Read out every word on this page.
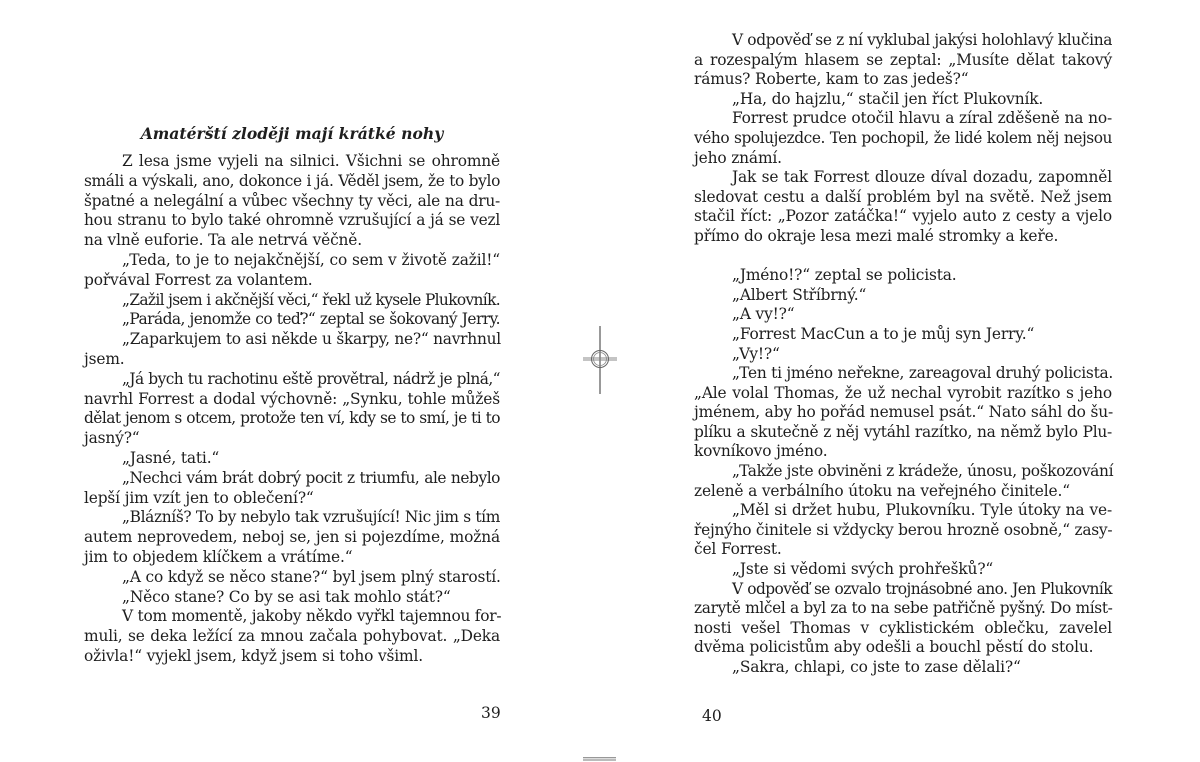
Amatérští zloději mají krátké nohy
Z lesa jsme vyjeli na silnici. Všichni se ohromně
smáli a výskali, ano, dokonce i já. Věděl jsem, že to bylo
špatné a nelegální a vůbec všechny ty věci, ale na dru-
hou stranu to bylo také ohromně vzrušující a já se vezl
na vlně euforie. Ta ale netrvá věčně.
„Teda, to je to nejakčnější, co sem v životě zažil!“
pořvával Forrest za volantem.
„Zažil jsem i akčnější věci,“ řekl už kysele Plukovník.
„Paráda, jenomže co teď?“ zeptal se šokovaný Jerry.
„Zaparkujem to asi někde u škarpy, ne?“ navrhnul
jsem.
„Já bych tu rachotinu eště provětral, nádrž je plná,“
navrhl Forrest a dodal výchovně: „Synku, tohle můžeš
dělat jenom s otcem, protože ten ví, kdy se to smí, je ti to
jasný?“
„Jasné, tati.“
„Nechci vám brát dobrý pocit z triumfu, ale nebylo
lepší jim vzít jen to oblečení?“
„Blázníš? To by nebylo tak vzrušující! Nic jim s tím
autem neprovedem, neboj se, jen si pojezdíme, možná
jim to objedem klíčkem a vrátíme.“
„A co když se něco stane?“ byl jsem plný starostí.
„Něco stane? Co by se asi tak mohlo stát?“
V tom momentě, jakoby někdo vyřkl tajemnou for-
muli, se deka ležící za mnou začala pohybovat. „Deka
oživla!“ vyjekl jsem, když jsem si toho všiml.
39
V odpověď se z ní vyklubal jakýsi holohlavý klučina
a rozespalým hlasem se zeptal: „Musíte dělat takový
rámus? Roberte, kam to zas jedeš?“
„Ha, do hajzlu,“ stačil jen říct Plukovník.
Forrest prudce otočil hlavu a zíral zděšeně na no-
vého spolujezdce. Ten pochopil, že lidé kolem něj nejsou
jeho známí.
Jak se tak Forrest dlouze díval dozadu, zapomněl
sledovat cestu a další problém byl na světě. Než jsem
stačil říct: „Pozor zatáčka!“ vyjelo auto z cesty a vjelo
přímo do okraje lesa mezi malé stromky a keře.
„Jméno!?“ zeptal se policista.
„Albert Stříbrný.“
„A vy!?“
„Forrest MacCun a to je můj syn Jerry.“
„Vy!?“
„Ten ti jméno neřekne, zareagoval druhý policista.
„Ale volal Thomas, že už nechal vyrobit razítko s jeho
jménem, aby ho pořád nemusel psát.“ Nato sáhl do šu-
plíku a skutečně z něj vytáhl razítko, na němž bylo Plu-
kovníkovo jméno.
„Takže jste obviněni z krádeže, únosu, poškozování
zeleně a verbálního útoku na veřejného činitele.“
„Měl si držet hubu, Plukovníku. Tyle útoky na ve-
řejnýho činitele si vždycky berou hrozně osobně,“ zasy-
čel Forrest.
„Jste si vědomi svých prohřešků?“
V odpověď se ozvalo trojnásobné ano. Jen Plukovník
zarytě mlčel a byl za to na sebe patřičně pyšný. Do míst-
nosti vešel Thomas v cyklistickém oblečku, zavelel
dvěma policistům aby odešli a bouchl pěstí do stolu.
„Sakra, chlapi, co jste to zase dělali?“
40
